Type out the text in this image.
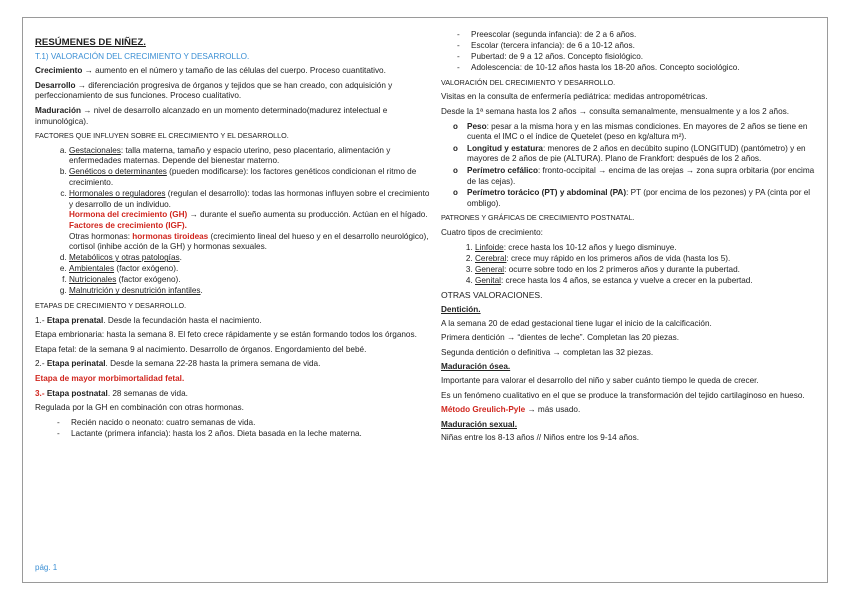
RESÚMENES DE NIÑEZ.

T.1) VALORACIÓN DEL CRECIMIENTO Y DESARROLLO.

Crecimiento → aumento en el número y tamaño de las células del cuerpo. Proceso cuantitativo.

Desarrollo → diferenciación progresiva de órganos y tejidos que se han creado, con adquisición y perfeccionamiento de sus funciones. Proceso cualitativo.

Maduración → nivel de desarrollo alcanzado en un momento determinado(madurez intelectual e inmunológica).

FACTORES QUE INFLUYEN SOBRE EL CRECIMIENTO Y EL DESARROLLO.

a. Gestacionales: talla materna, tamaño y espacio uterino, peso placentario, alimentación y enfermedades maternas. Depende del bienestar materno.
b. Genéticos o determinantes (pueden modificarse): los factores genéticos condicionan el ritmo de crecimiento.
c. Hormonales o reguladores (regulan el desarrollo): todas las hormonas influyen sobre el crecimiento y desarrollo de un individuo.
Hormona del crecimiento (GH) → durante el sueño aumenta su producción. Actúan en el hígado. Factores de crecimiento (IGF).
Otras hormonas: hormonas tiroideas (crecimiento lineal del hueso y en el desarrollo neurológico), cortisol (inhibe acción de la GH) y hormonas sexuales.
d. Metabólicos y otras patologías.
e. Ambientales (factor exógeno).
f. Nutricionales (factor exógeno).
g. Malnutrición y desnutrición infantiles.

ETAPAS DE CRECIMIENTO Y DESARROLLO.

1.- Etapa prenatal. Desde la fecundación hasta el nacimiento.

Etapa embrionaria: hasta la semana 8. El feto crece rápidamente y se están formando todos los órganos.

Etapa fetal: de la semana 9 al nacimiento. Desarrollo de órganos. Engordamiento del bebé.

2.- Etapa perinatal. Desde la semana 22-28 hasta la primera semana de vida.

Etapa de mayor morbimortalidad fetal.

3.- Etapa postnatal. 28 semanas de vida.

Regulada por la GH en combinación con otras hormonas.

- Recién nacido o neonato: cuatro semanas de vida.
- Lactante (primera infancia): hasta los 2 años. Dieta basada en la leche materna.
- Preescolar (segunda infancia): de 2 a 6 años.
- Escolar (tercera infancia): de 6 a 10-12 años.
- Pubertad: de 9 a 12 años. Concepto fisiológico.
- Adolescencia: de 10-12 años hasta los 18-20 años. Concepto sociológico.

VALORACIÓN DEL CRECIMIENTO Y DESARROLLO.

Visitas en la consulta de enfermería pediátrica: medidas antropométricas.

Desde la 1ª semana hasta los 2 años → consulta semanalmente, mensualmente y a los 2 años.

o Peso: pesar a la misma hora y en las mismas condiciones. En mayores de 2 años se tiene en cuenta el IMC o el índice de Quetelet (peso en kg/altura m²).
o Longitud y estatura: menores de 2 años en decúbito supino (LONGITUD) (pantómetro) y en mayores de 2 años de pie (ALTURA). Plano de Frankfort: después de los 2 años.
o Perímetro cefálico: fronto-occipital → encima de las orejas → zona supra orbitaria (por encima de las cejas).
o Perímetro torácico (PT) y abdominal (PA): PT (por encima de los pezones) y PA (cinta por el ombligo).

PATRONES Y GRÁFICAS DE CRECIMIENTO POSTNATAL.

Cuatro tipos de crecimiento:

1. Linfoide: crece hasta los 10-12 años y luego disminuye.
2. Cerebral: crece muy rápido en los primeros años de vida (hasta los 5).
3. General: ocurre sobre todo en los 2 primeros años y durante la pubertad.
4. Genital: crece hasta los 4 años, se estanca y vuelve a crecer en la pubertad.

OTRAS VALORACIONES.

Dentición.

A la semana 20 de edad gestacional tiene lugar el inicio de la calcificación.

Primera dentición → “dientes de leche”. Completan las 20 piezas.

Segunda dentición o definitiva → completan las 32 piezas.

Maduración ósea.

Importante para valorar el desarrollo del niño y saber cuánto tiempo le queda de crecer.

Es un fenómeno cualitativo en el que se produce la transformación del tejido cartilaginoso en hueso.

Método Greulich-Pyle → más usado.

Maduración sexual.

Niñas entre los 8-13 años // Niños entre los 9-14 años.

pág. 1
